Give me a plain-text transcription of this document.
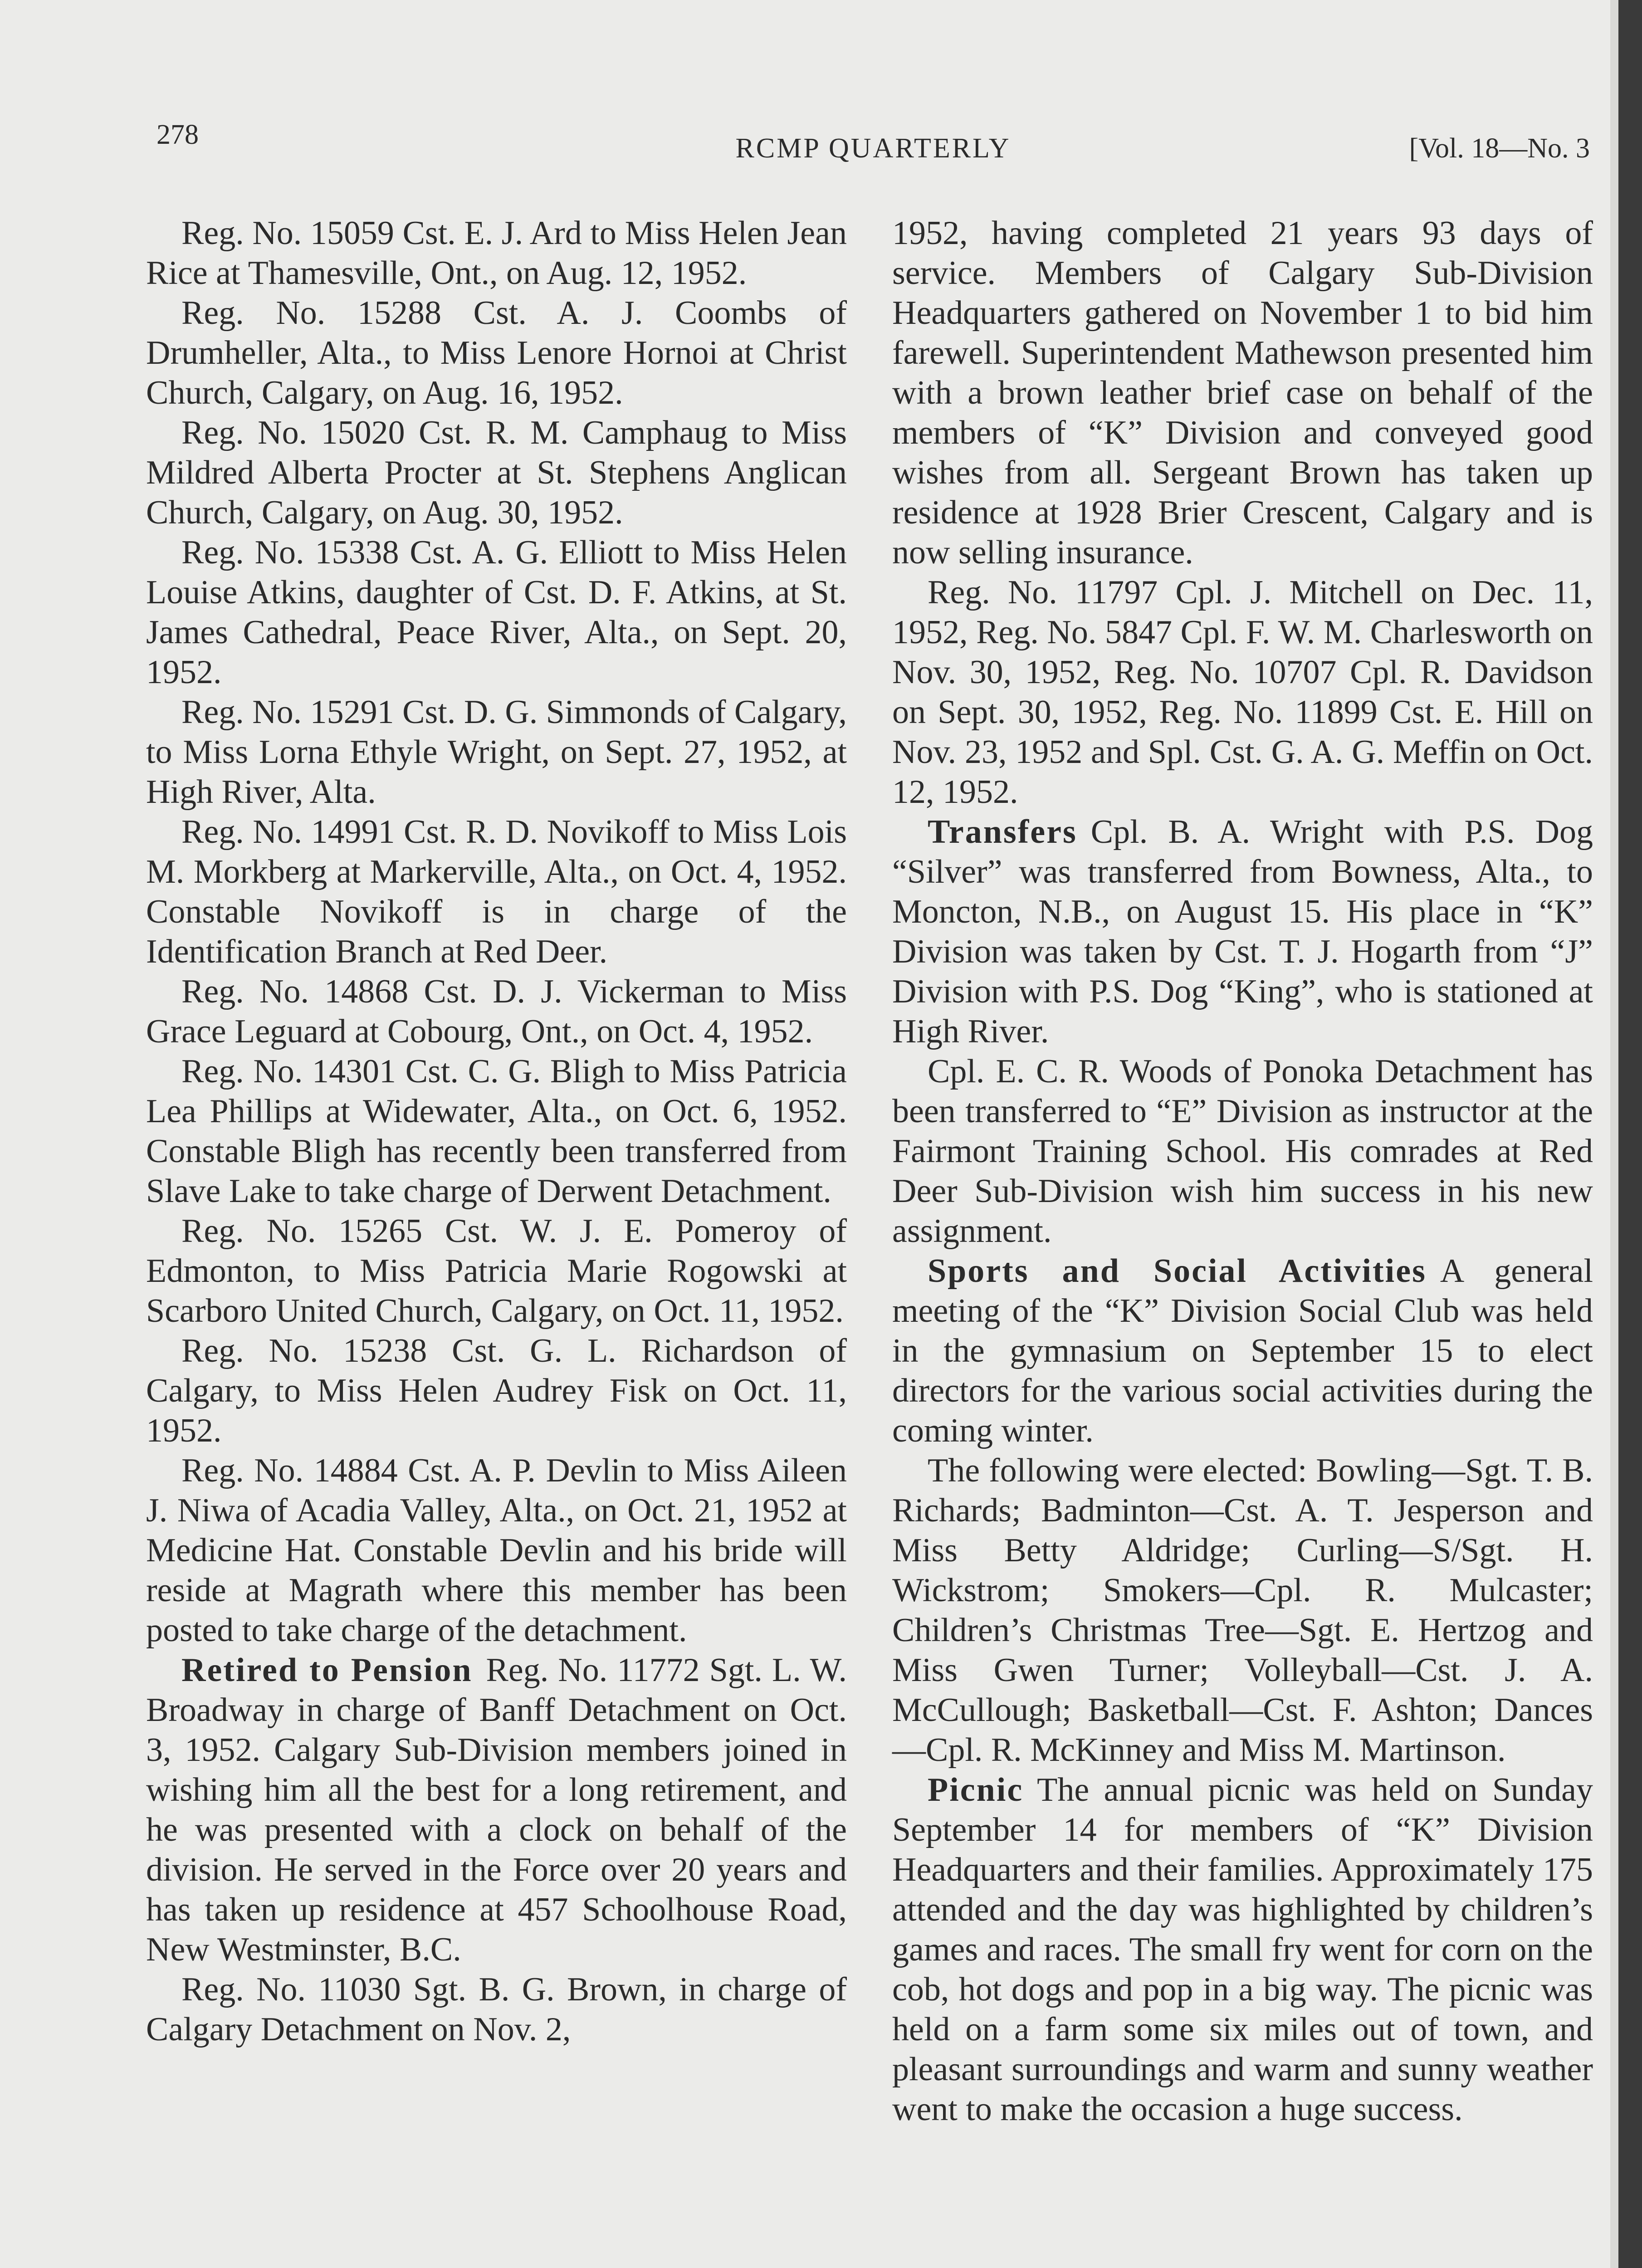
278	RCMP QUARTERLY	[Vol. 18—No. 3

Reg. No. 15059 Cst. E. J. Ard to Miss Helen Jean Rice at Thamesville, Ont., on Aug. 12, 1952.

Reg. No. 15288 Cst. A. J. Coombs of Drumheller, Alta., to Miss Lenore Hornoi at Christ Church, Calgary, on Aug. 16, 1952.

Reg. No. 15020 Cst. R. M. Camphaug to Miss Mildred Alberta Procter at St. Stephens Anglican Church, Calgary, on Aug. 30, 1952.

Reg. No. 15338 Cst. A. G. Elliott to Miss Helen Louise Atkins, daughter of Cst. D. F. Atkins, at St. James Cathedral, Peace River, Alta., on Sept. 20, 1952.

Reg. No. 15291 Cst. D. G. Simmonds of Calgary, to Miss Lorna Ethyle Wright, on Sept. 27, 1952, at High River, Alta.

Reg. No. 14991 Cst. R. D. Novikoff to Miss Lois M. Morkberg at Markerville, Alta., on Oct. 4, 1952. Constable Novikoff is in charge of the Identification Branch at Red Deer.

Reg. No. 14868 Cst. D. J. Vickerman to Miss Grace Leguard at Cobourg, Ont., on Oct. 4, 1952.

Reg. No. 14301 Cst. C. G. Bligh to Miss Patricia Lea Phillips at Widewater, Alta., on Oct. 6, 1952. Constable Bligh has recently been transferred from Slave Lake to take charge of Derwent Detachment.

Reg. No. 15265 Cst. W. J. E. Pomeroy of Edmonton, to Miss Patricia Marie Rogowski at Scarboro United Church, Calgary, on Oct. 11, 1952.

Reg. No. 15238 Cst. G. L. Richardson of Calgary, to Miss Helen Audrey Fisk on Oct. 11, 1952.

Reg. No. 14884 Cst. A. P. Devlin to Miss Aileen J. Niwa of Acadia Valley, Alta., on Oct. 21, 1952 at Medicine Hat. Constable Devlin and his bride will reside at Magrath where this member has been posted to take charge of the detachment.

Retired to Pension Reg. No. 11772 Sgt. L. W. Broadway in charge of Banff Detachment on Oct. 3, 1952. Calgary Sub-Division members joined in wishing him all the best for a long retirement, and he was presented with a clock on behalf of the division. He served in the Force over 20 years and has taken up residence at 457 Schoolhouse Road, New Westminster, B.C.

Reg. No. 11030 Sgt. B. G. Brown, in charge of Calgary Detachment on Nov. 2,

1952, having completed 21 years 93 days of service. Members of Calgary Sub-Division Headquarters gathered on November 1 to bid him farewell. Superintendent Mathewson presented him with a brown leather brief case on behalf of the members of “K” Division and conveyed good wishes from all. Sergeant Brown has taken up residence at 1928 Brier Crescent, Calgary and is now selling insurance.

Reg. No. 11797 Cpl. J. Mitchell on Dec. 11, 1952, Reg. No. 5847 Cpl. F. W. M. Charlesworth on Nov. 30, 1952, Reg. No. 10707 Cpl. R. Davidson on Sept. 30, 1952, Reg. No. 11899 Cst. E. Hill on Nov. 23, 1952 and Spl. Cst. G. A. G. Meffin on Oct. 12, 1952.

Transfers Cpl. B. A. Wright with P.S. Dog “Silver” was transferred from Bowness, Alta., to Moncton, N.B., on August 15. His place in “K” Division was taken by Cst. T. J. Hogarth from “J” Division with P.S. Dog “King”, who is stationed at High River.

Cpl. E. C. R. Woods of Ponoka Detachment has been transferred to “E” Division as instructor at the Fairmont Training School. His comrades at Red Deer Sub-Division wish him success in his new assignment.

Sports and Social Activities A general meeting of the “K” Division Social Club was held in the gymnasium on September 15 to elect directors for the various social activities during the coming winter.

The following were elected: Bowling—Sgt. T. B. Richards; Badminton—Cst. A. T. Jesperson and Miss Betty Aldridge; Curling—S/Sgt. H. Wickstrom; Smokers—Cpl. R. Mulcaster; Children’s Christmas Tree—Sgt. E. Hertzog and Miss Gwen Turner; Volleyball—Cst. J. A. McCullough; Basketball—Cst. F. Ashton; Dances—Cpl. R. McKinney and Miss M. Martinson.

Picnic The annual picnic was held on Sunday September 14 for members of “K” Division Headquarters and their families. Approximately 175 attended and the day was highlighted by children’s games and races. The small fry went for corn on the cob, hot dogs and pop in a big way. The picnic was held on a farm some six miles out of town, and pleasant surroundings and warm and sunny weather went to make the occasion a huge success.
